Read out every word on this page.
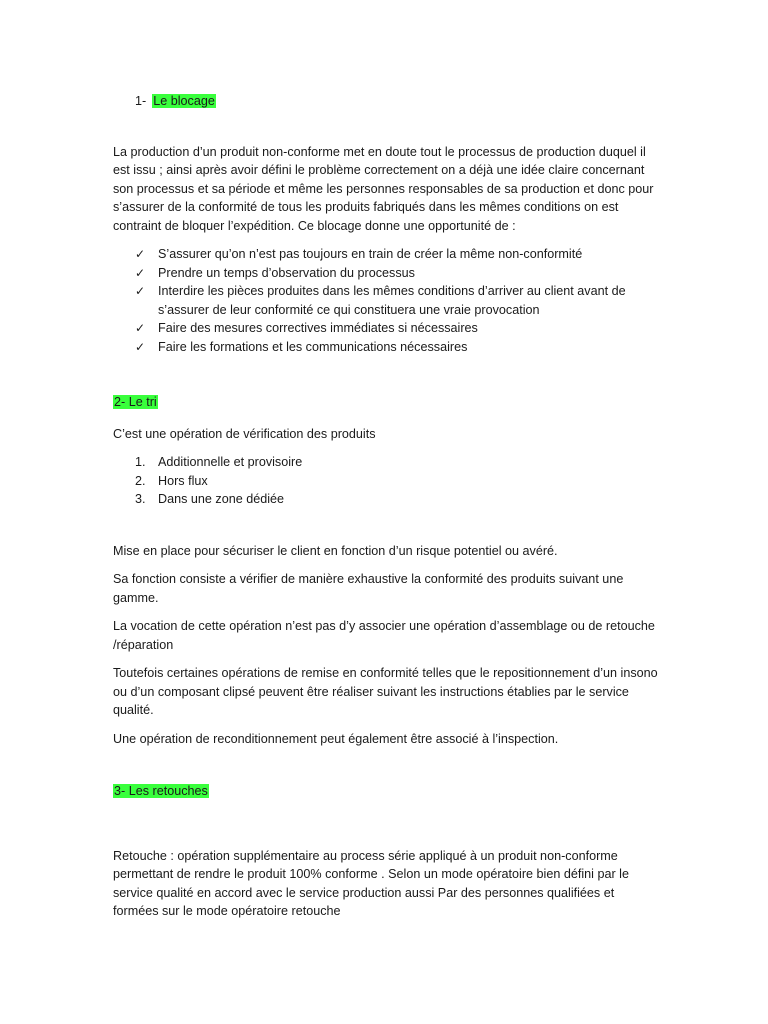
1- Le blocage

La production d’un produit non-conforme met en doute tout le processus de production duquel il est issu ; ainsi après avoir défini le problème correctement on a déjà une idée claire concernant son processus et sa période et même les personnes responsables de sa production et donc pour s’assurer de la conformité de tous les produits fabriqués dans les mêmes conditions on est contraint de bloquer l’expédition. Ce blocage donne une opportunité de :

✓ S’assurer qu’on n’est pas toujours en train de créer la même non-conformité
✓ Prendre un temps d’observation du processus
✓ Interdire les pièces produites dans les mêmes conditions d’arriver au client avant de s’assurer de leur conformité ce qui constituera une vraie provocation
✓ Faire des mesures correctives immédiates si nécessaires
✓ Faire les formations et les communications nécessaires

2- Le tri

C’est une opération de vérification des produits

1. Additionnelle et provisoire
2. Hors flux
3. Dans une zone dédiée

Mise en place pour sécuriser le client en fonction d’un risque potentiel ou avéré.

Sa fonction consiste a vérifier de manière exhaustive la conformité des produits suivant une gamme.

La vocation de cette opération n’est pas d’y associer une opération d’assemblage ou de retouche /réparation

Toutefois certaines opérations de remise en conformité telles que le repositionnement d’un insono ou d’un composant clipsé peuvent être réaliser suivant les instructions établies par le service qualité.

Une opération de reconditionnement peut également être associé à l’inspection.

3- Les retouches

Retouche : opération supplémentaire au process série appliqué à un produit non-conforme permettant de rendre le produit 100% conforme . Selon un mode opératoire bien défini par le service qualité en accord avec le service production aussi Par des personnes qualifiées et formées sur le mode opératoire retouche
